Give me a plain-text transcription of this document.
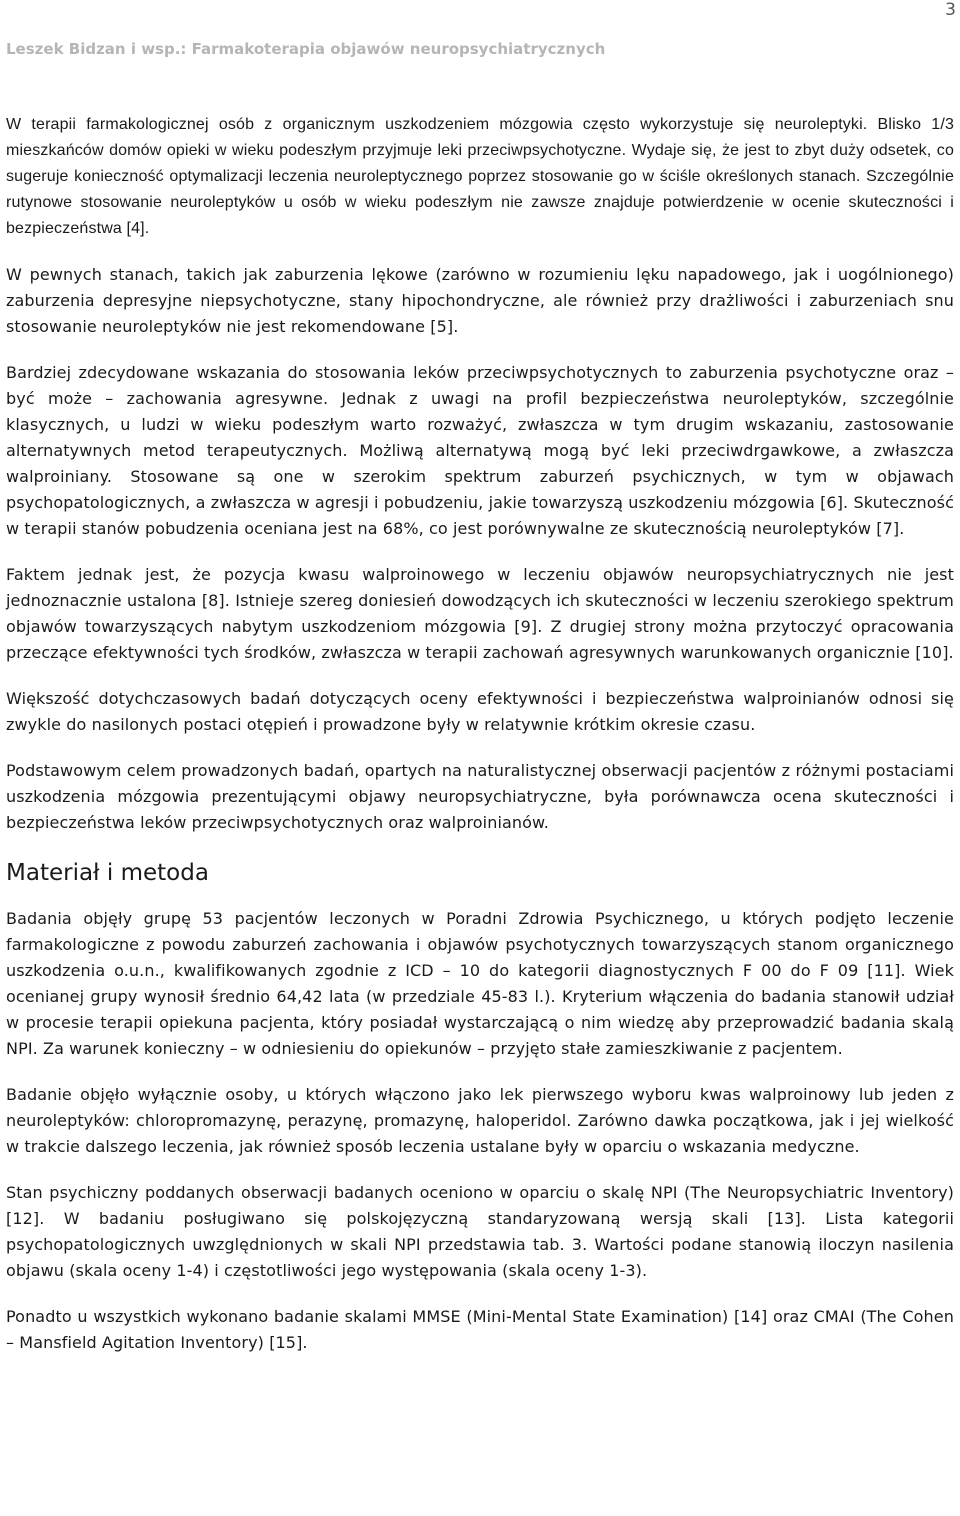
3
Leszek Bidzan i wsp.: Farmakoterapia objawów neuropsychiatrycznych

W terapii farmakologicznej osób z organicznym uszkodzeniem mózgowia często wykorzystuje się neuroleptyki. Blisko 1/3 mieszkańców domów opieki w wieku podeszłym przyjmuje leki przeciwpsychotyczne. Wydaje się, że jest to zbyt duży odsetek, co sugeruje konieczność optymalizacji leczenia neuroleptycznego poprzez stosowanie go w ściśle określonych stanach. Szczególnie rutynowe stosowanie neuroleptyków u osób w wieku podeszłym nie zawsze znajduje potwierdzenie w ocenie skuteczności i bezpieczeństwa [4].

W pewnych stanach, takich jak zaburzenia lękowe (zarówno w rozumieniu lęku napadowego, jak i uogólnionego) zaburzenia depresyjne niepsychotyczne, stany hipochondryczne, ale również przy drażliwości i zaburzeniach snu stosowanie neuroleptyków nie jest rekomendowane [5].

Bardziej zdecydowane wskazania do stosowania leków przeciwpsychotycznych to zaburzenia psychotyczne oraz – być może – zachowania agresywne. Jednak z uwagi na profil bezpieczeństwa neuroleptyków, szczególnie klasycznych, u ludzi w wieku podeszłym warto rozważyć, zwłaszcza w tym drugim wskazaniu, zastosowanie alternatywnych metod terapeutycznych. Możliwą alternatywą mogą być leki przeciwdrgawkowe, a zwłaszcza walproiniany. Stosowane są one w szerokim spektrum zaburzeń psychicznych, w tym w objawach psychopatologicznych, a zwłaszcza w agresji i pobudzeniu, jakie towarzyszą uszkodzeniu mózgowia [6]. Skuteczność w terapii stanów pobudzenia oceniana jest na 68%, co jest porównywalne ze skutecznością neuroleptyków [7].

Faktem jednak jest, że pozycja kwasu walproinowego w leczeniu objawów neuropsychiatrycznych nie jest jednoznacznie ustalona [8]. Istnieje szereg doniesień dowodzących ich skuteczności w leczeniu szerokiego spektrum objawów towarzyszących nabytym uszkodzeniom mózgowia [9]. Z drugiej strony można przytoczyć opracowania przeczące efektywności tych środków, zwłaszcza w terapii zachowań agresywnych warunkowanych organicznie [10].

Większość dotychczasowych badań dotyczących oceny efektywności i bezpieczeństwa walproinianów odnosi się zwykle do nasilonych postaci otępień i prowadzone były w relatywnie krótkim okresie czasu.

Podstawowym celem prowadzonych badań, opartych na naturalistycznej obserwacji pacjentów z różnymi postaciami uszkodzenia mózgowia prezentującymi objawy neuropsychiatryczne, była porównawcza ocena skuteczności i bezpieczeństwa leków przeciwpsychotycznych oraz walproinianów.

Materiał i metoda

Badania objęły grupę 53 pacjentów leczonych w Poradni Zdrowia Psychicznego, u których podjęto leczenie farmakologiczne z powodu zaburzeń zachowania i objawów psychotycznych towarzyszących stanom organicznego uszkodzenia o.u.n., kwalifikowanych zgodnie z ICD – 10 do kategorii diagnostycznych F 00 do F 09 [11]. Wiek ocenianej grupy wynosił średnio 64,42 lata (w przedziale 45-83 l.). Kryterium włączenia do badania stanowił udział w procesie terapii opiekuna pacjenta, który posiadał wystarczającą o nim wiedzę aby przeprowadzić badania skalą NPI. Za warunek konieczny – w odniesieniu do opiekunów – przyjęto stałe zamieszkiwanie z pacjentem.

Badanie objęło wyłącznie osoby, u których włączono jako lek pierwszego wyboru kwas walproinowy lub jeden z neuroleptyków: chloropromazynę, perazynę, promazynę, haloperidol. Zarówno dawka początkowa, jak i jej wielkość w trakcie dalszego leczenia, jak również sposób leczenia ustalane były w oparciu o wskazania medyczne.

Stan psychiczny poddanych obserwacji badanych oceniono w oparciu o skalę NPI (The Neuropsychiatric Inventory) [12]. W badaniu posługiwano się polskojęzyczną standaryzowaną wersją skali [13]. Lista kategorii psychopatologicznych uwzględnionych w skali NPI przedstawia tab. 3. Wartości podane stanowią iloczyn nasilenia objawu (skala oceny 1-4) i częstotliwości jego występowania (skala oceny 1-3).

Ponadto u wszystkich wykonano badanie skalami MMSE (Mini-Mental State Examination) [14] oraz CMAI (The Cohen – Mansfield Agitation Inventory) [15].
